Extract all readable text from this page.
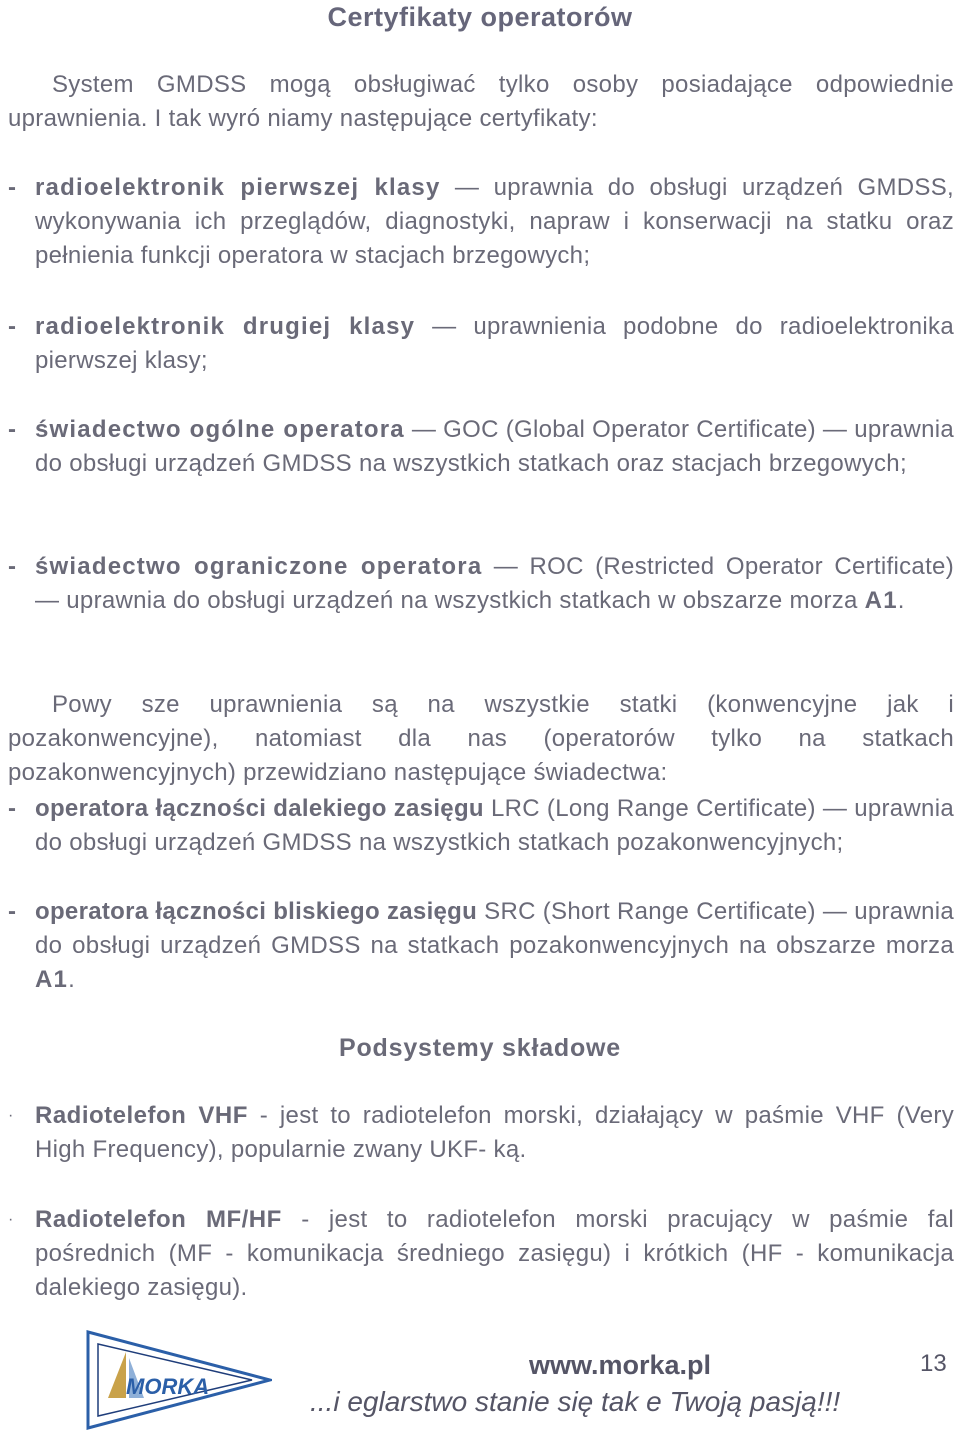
Certyfikaty operatorów

System GMDSS mogą obsługiwać tylko osoby posiadające odpowiednie uprawnienia. I tak wyró niamy następujące certyfikaty:

- radioelektronik pierwszej klasy — uprawnia do obsługi urządzeń GMDSS, wykonywania ich przeglądów, diagnostyki, napraw i konserwacji na statku oraz pełnienia funkcji operatora w stacjach brzegowych;
- radioelektronik drugiej klasy — uprawnienia podobne do radioelektronika pierwszej klasy;
- świadectwo ogólne operatora — GOC (Global Operator Certificate) — uprawnia do obsługi urządzeń GMDSS na wszystkich statkach oraz stacjach brzegowych;
- świadectwo ograniczone operatora — ROC (Restricted Operator Certificate) — uprawnia do obsługi urządzeń na wszystkich statkach w obszarze morza A1.

Powy sze uprawnienia są na wszystkie statki (konwencyjne jak i pozakonwencyjne), natomiast dla nas (operatorów tylko na statkach pozakonwencyjnych) przewidziano następujące świadectwa:

- operatora łączności dalekiego zasięgu LRC (Long Range Certificate) — uprawnia do obsługi urządzeń GMDSS na wszystkich statkach pozakonwencyjnych;
- operatora łączności bliskiego zasięgu SRC (Short Range Certificate) — uprawnia do obsługi urządzeń GMDSS na statkach pozakonwencyjnych na obszarze morza A1.
Podsystemy składowe
· Radiotelefon VHF - jest to radiotelefon morski, działający w paśmie VHF (Very High Frequency), popularnie zwany UKF- ką.
· Radiotelefon MF/HF - jest to radiotelefon morski pracujący w paśmie fal pośrednich (MF - komunikacja średniego zasięgu) i krótkich (HF - komunikacja dalekiego zasięgu).
MORKA
www.morka.pl	13
...i eglarstwo stanie się tak e Twoją pasją!!!
